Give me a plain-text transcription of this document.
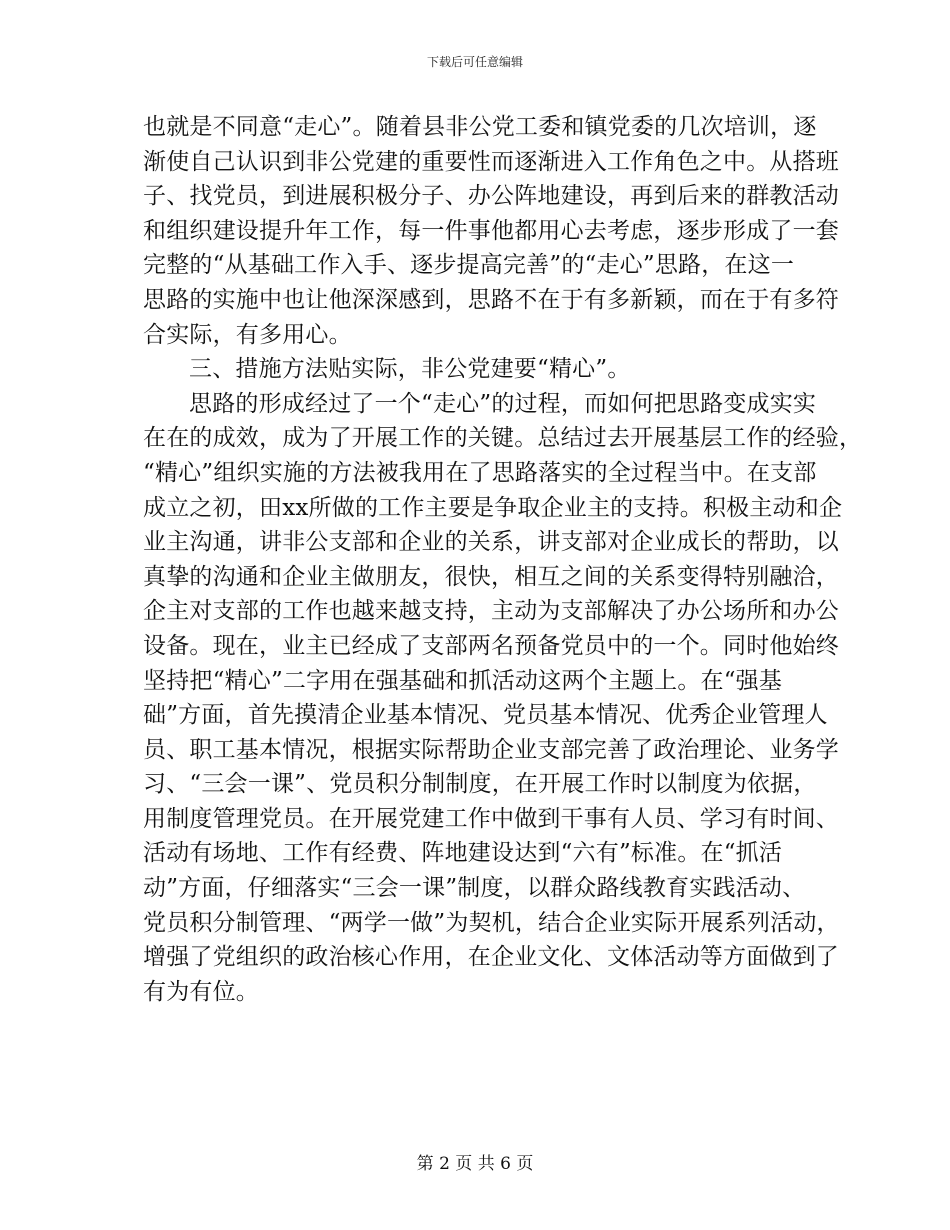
下载后可任意编辑
也就是不同意“走心”。随着县非公党工委和镇党委的几次培训，逐
渐使自己认识到非公党建的重要性而逐渐进入工作角色之中。从搭班
子、找党员，到进展积极分子、办公阵地建设，再到后来的群教活动
和组织建设提升年工作，每一件事他都用心去考虑，逐步形成了一套
完整的“从基础工作入手、逐步提高完善”的“走心”思路，在这一
思路的实施中也让他深深感到，思路不在于有多新颖，而在于有多符
合实际，有多用心。
三、措施方法贴实际，非公党建要“精心”。
思路的形成经过了一个“走心”的过程，而如何把思路变成实实
在在的成效，成为了开展工作的关键。总结过去开展基层工作的经验，
“精心”组织实施的方法被我用在了思路落实的全过程当中。在支部
成立之初，田xx所做的工作主要是争取企业主的支持。积极主动和企
业主沟通，讲非公支部和企业的关系，讲支部对企业成长的帮助，以
真挚的沟通和企业主做朋友，很快，相互之间的关系变得特别融洽，
企主对支部的工作也越来越支持，主动为支部解决了办公场所和办公
设备。现在，业主已经成了支部两名预备党员中的一个。同时他始终
坚持把“精心”二字用在强基础和抓活动这两个主题上。在“强基
础”方面，首先摸清企业基本情况、党员基本情况、优秀企业管理人
员、职工基本情况，根据实际帮助企业支部完善了政治理论、业务学
习、“三会一课”、党员积分制制度，在开展工作时以制度为依据，
用制度管理党员。在开展党建工作中做到干事有人员、学习有时间、
活动有场地、工作有经费、阵地建设达到“六有”标准。在“抓活
动”方面，仔细落实“三会一课”制度，以群众路线教育实践活动、
党员积分制管理、“两学一做”为契机，结合企业实际开展系列活动，
增强了党组织的政治核心作用，在企业文化、文体活动等方面做到了
有为有位。
第 2 页 共 6 页
